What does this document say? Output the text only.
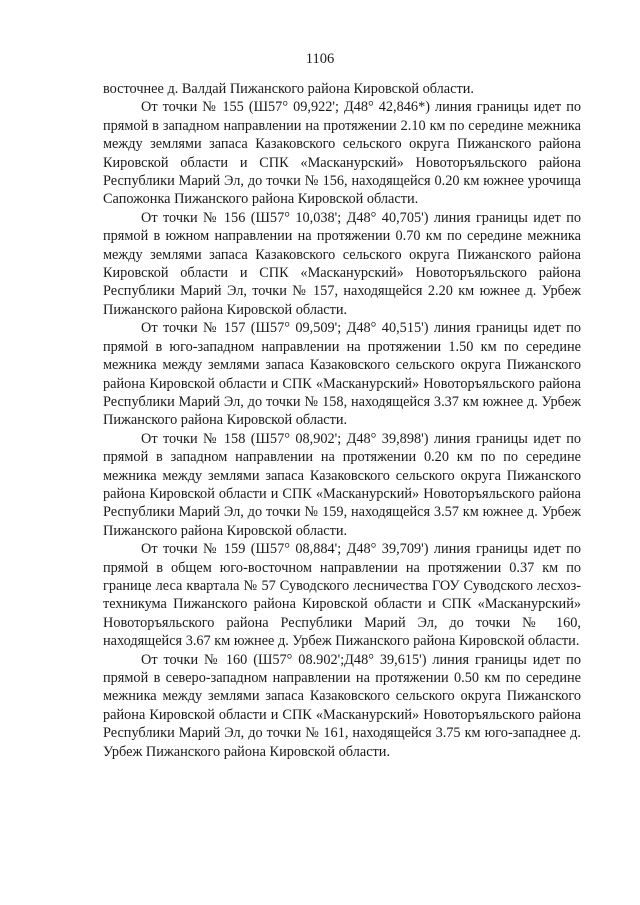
1106

восточнее д. Валдай Пижанского района Кировской области.

От точки № 155 (Ш57° 09,922'; Д48° 42,846*) линия границы идет по прямой в западном направлении на протяжении 2.10 км по середине межника между землями запаса Казаковского сельского округа Пижанского района Кировской области и СПК «Масканурский» Новоторъяльского района Республики Марий Эл, до точки № 156, находящейся 0.20 км южнее урочища Сапожонка Пижанского района Кировской области.

От точки № 156 (Ш57° 10,038'; Д48° 40,705') линия границы идет по прямой в южном направлении на протяжении 0.70 км по середине межника между землями запаса Казаковского сельского округа Пижанского района Кировской области и СПК «Масканурский» Новоторъяльского района Республики Марий Эл, точки № 157, находящейся 2.20 км южнее д. Урбеж Пижанского района Кировской области.

От точки № 157 (Ш57° 09,509'; Д48° 40,515') линия границы идет по прямой в юго-западном направлении на протяжении 1.50 км по середине межника между землями запаса Казаковского сельского округа Пижанского района Кировской области и СПК «Масканурский» Новоторъяльского района Республики Марий Эл, до точки № 158, находящейся 3.37 км южнее д. Урбеж Пижанского района Кировской области.

От точки № 158 (Ш57° 08,902'; Д48° 39,898') линия границы идет по прямой в западном направлении на протяжении 0.20 км по по середине межника между землями запаса Казаковского сельского округа Пижанского района Кировской области и СПК «Масканурский» Новоторъяльского района Республики Марий Эл, до точки № 159, находящейся 3.57 км южнее д. Урбеж Пижанского района Кировской области.

От точки № 159 (Ш57° 08,884'; Д48° 39,709') линия границы идет по прямой в общем юго-восточном направлении на протяжении 0.37 км по границе леса квартала № 57 Суводского лесничества ГОУ Суводского лесхоз-техникума Пижанского района Кировской области и СПК «Масканурский» Новоторъяльского района Республики Марий Эл, до точки № 160, находящейся 3.67 км южнее д. Урбеж Пижанского района Кировской области.

От точки № 160 (Ш57° 08.902';Д48° 39,615') линия границы идет по прямой в северо-западном направлении на протяжении 0.50 км по середине межника между землями запаса Казаковского сельского округа Пижанского района Кировской области и СПК «Масканурский» Новоторъяльского района Республики Марий Эл, до точки № 161, находящейся 3.75 км юго-западнее д. Урбеж Пижанского района Кировской области.
